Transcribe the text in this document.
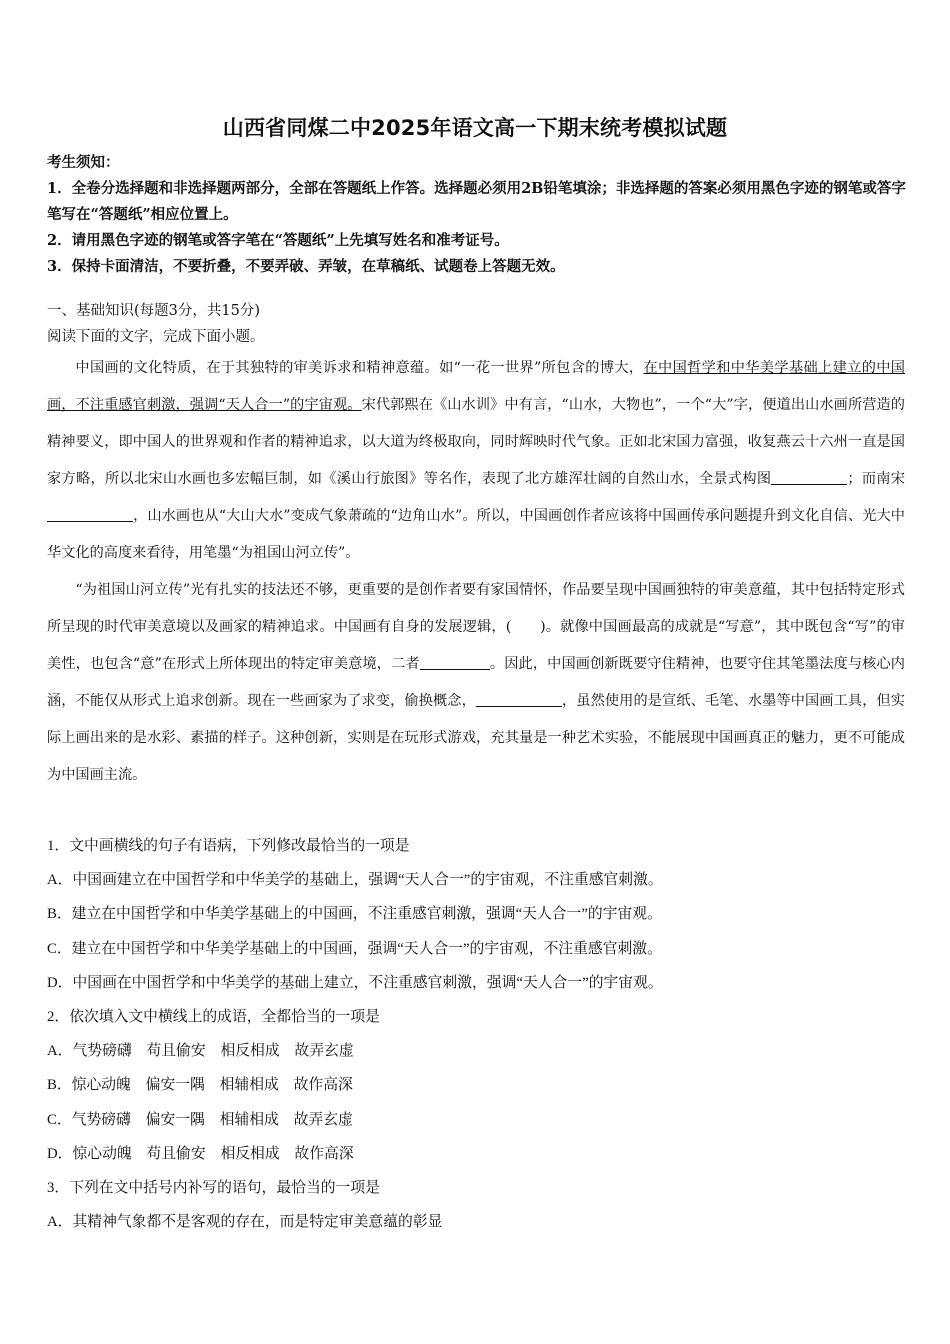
山西省同煤二中2025年语文高一下期末统考模拟试题

考生须知：

1．全卷分选择题和非选择题两部分，全部在答题纸上作答。选择题必须用2B铅笔填涂；非选择题的答案必须用黑色字迹的钢笔或答字笔写在“答题纸”相应位置上。

2．请用黑色字迹的钢笔或答字笔在“答题纸”上先填写姓名和准考证号。

3．保持卡面清洁，不要折叠，不要弄破、弄皱，在草稿纸、试题卷上答题无效。

一、基础知识(每题3分，共15分)
阅读下面的文字，完成下面小题。

中国画的文化特质，在于其独特的审美诉求和精神意蕴。如“一花一世界”所包含的博大，在中国哲学和中华美学基础上建立的中国画，不注重感官刺激，强调“天人合一”的宇宙观。宋代郭熙在《山水训》中有言，“山水，大物也”，一个“大”字，便道出山水画所营造的精神要义，即中国人的世界观和作者的精神追求，以大道为终极取向，同时辉映时代气象。正如北宋国力富强，收复燕云十六州一直是国家方略，所以北宋山水画也多宏幅巨制，如《溪山行旅图》等名作，表现了北方雄浑壮阔的自然山水，全景式构图	；而南宋，山水画也从“大山大水”变成气象萧疏的“边角山水”。所以，中国画创作者应该将中国画传承问题提升到文化自信、光大中华文化的高度来看待，用笔墨“为祖国山河立传”。

“为祖国山河立传”光有扎实的技法还不够，更重要的是创作者要有家国情怀，作品要呈现中国画独特的审美意蕴，其中包括特定形式所呈现的时代审美意境以及画家的精神追求。中国画有自身的发展逻辑，(　　)。就像中国画最高的成就是“写意”，其中既包含“写”的审美性，也包含“意”在形式上所体现出的特定审美意境，二者	。因此，中国画创新既要守住精神，也要守住其笔墨法度与核心内涵，不能仅从形式上追求创新。现在一些画家为了求变，偷换概念，	，虽然使用的是宣纸、毛笔、水墨等中国画工具，但实际上画出来的是水彩、素描的样子。这种创新，实则是在玩形式游戏，充其量是一种艺术实验，不能展现中国画真正的魅力，更不可能成为中国画主流。

1．文中画横线的句子有语病，下列修改最恰当的一项是
A．中国画建立在中国哲学和中华美学的基础上，强调“天人合一”的宇宙观，不注重感官刺激。
B．建立在中国哲学和中华美学基础上的中国画，不注重感官刺激，强调“天人合一”的宇宙观。
C．建立在中国哲学和中华美学基础上的中国画，强调“天人合一”的宇宙观，不注重感官刺激。
D．中国画在中国哲学和中华美学的基础上建立，不注重感官刺激，强调“天人合一”的宇宙观。
2．依次填入文中横线上的成语，全都恰当的一项是
A．气势磅礴　苟且偷安　相反相成　故弄玄虚
B．惊心动魄　偏安一隅　相辅相成　故作高深
C．气势磅礴　偏安一隅　相辅相成　故弄玄虚
D．惊心动魄　苟且偷安　相反相成　故作高深
3．下列在文中括号内补写的语句，最恰当的一项是
A．其精神气象都不是客观的存在，而是特定审美意蕴的彰显
